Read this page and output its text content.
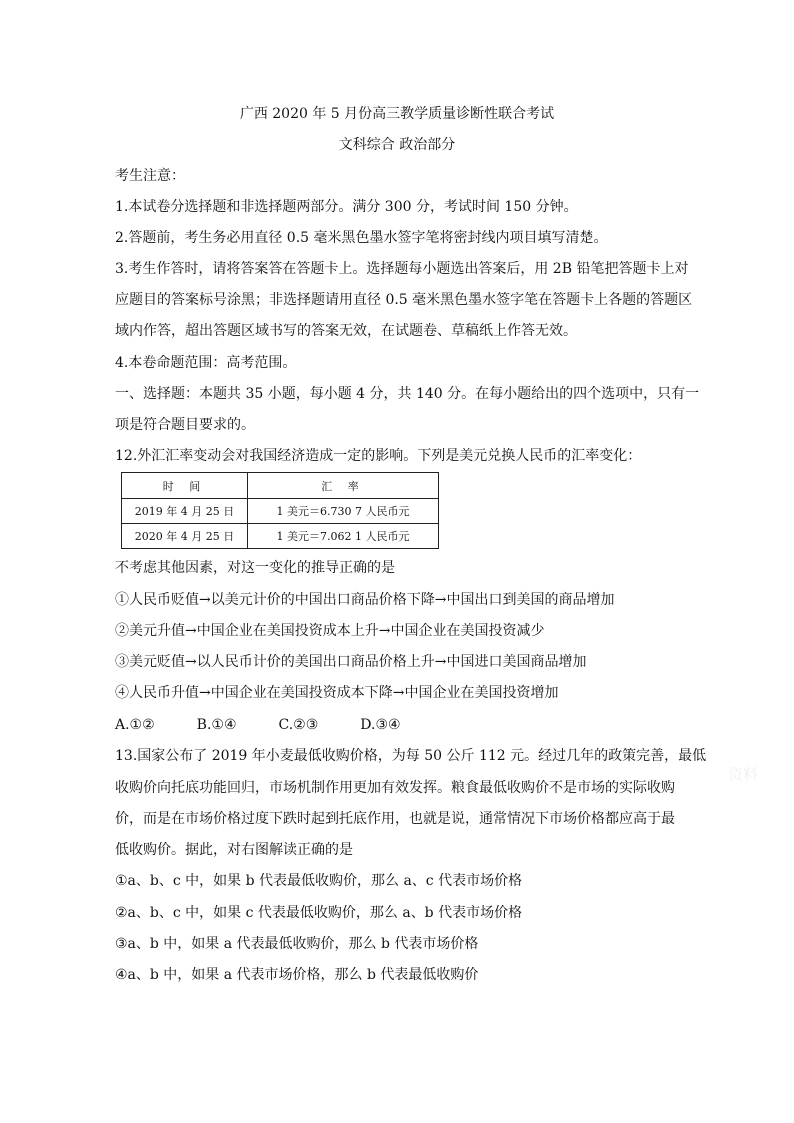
广西 2020 年 5 月份高三教学质量诊断性联合考试
文科综合 政治部分
考生注意：
1.本试卷分选择题和非选择题两部分。满分 300 分，考试时间 150 分钟。
2.答题前，考生务必用直径 0.5 毫米黑色墨水签字笔将密封线内项目填写清楚。
3.考生作答时，请将答案答在答题卡上。选择题每小题选出答案后，用 2B 铅笔把答题卡上对
应题目的答案标号涂黑；非选择题请用直径 0.5 毫米黑色墨水签字笔在答题卡上各题的答题区
域内作答，超出答题区域书写的答案无效，在试题卷、草稿纸上作答无效。
4.本卷命题范围：高考范围。
一、选择题：本题共 35 小题，每小题 4 分，共 140 分。在每小题给出的四个选项中，只有一
项是符合题目要求的。
12.外汇汇率变动会对我国经济造成一定的影响。下列是美元兑换人民币的汇率变化：
时 间	汇 率
2019 年 4 月 25 日	1 美元＝6.730 7 人民币元
2020 年 4 月 25 日	1 美元＝7.062 1 人民币元
不考虑其他因素，对这一变化的推导正确的是
①人民币贬值→以美元计价的中国出口商品价格下降→中国出口到美国的商品增加
②美元升值→中国企业在美国投资成本上升→中国企业在美国投资减少
③美元贬值→以人民币计价的美国出口商品价格上升→中国进口美国商品增加
④人民币升值→中国企业在美国投资成本下降→中国企业在美国投资增加
A.①②	B.①④	C.②③	D.③④
13.国家公布了 2019 年小麦最低收购价格，为每 50 公斤 112 元。经过几年的政策完善，最低
收购价向托底功能回归，市场机制作用更加有效发挥。粮食最低收购价不是市场的实际收购
价，而是在市场价格过度下跌时起到托底作用，也就是说，通常情况下市场价格都应高于最
低收购价。据此，对右图解读正确的是
①a、b、c 中，如果 b 代表最低收购价，那么 a、c 代表市场价格
②a、b、c 中，如果 c 代表最低收购价，那么 a、b 代表市场价格
③a、b 中，如果 a 代表最低收购价，那么 b 代表市场价格
④a、b 中，如果 a 代表市场价格，那么 b 代表最低收购价
资料
